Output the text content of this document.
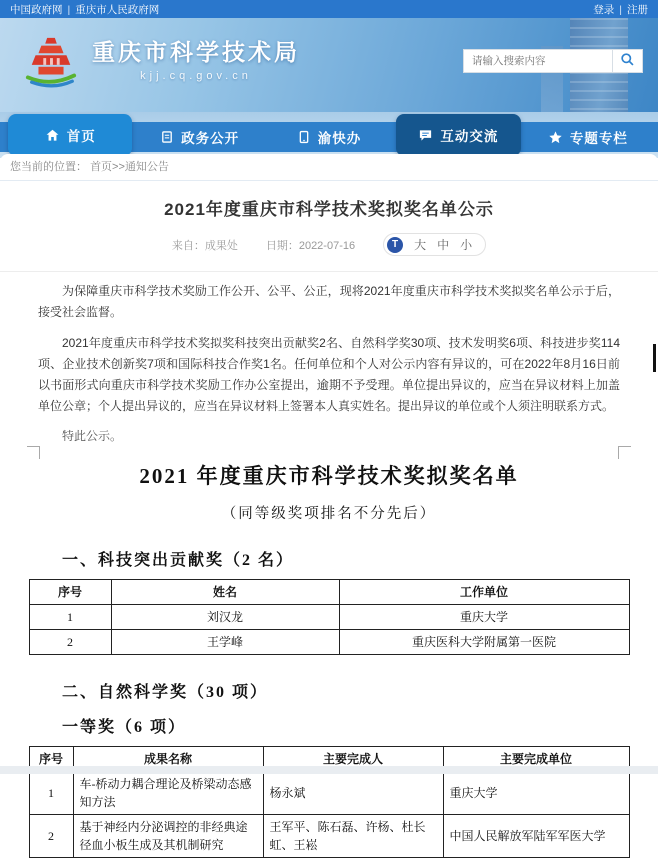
中国政府网 | 重庆市人民政府网	登录 | 注册
重庆市科学技术局
kjj.cq.gov.cn
请输入搜索内容
首页	政务公开	渝快办	互动交流	专题专栏
您当前的位置： 首页>>通知公告
2021年度重庆市科学技术奖拟奖名单公示
来自：成果处	日期：2022-07-16	T	大 中 小

为保障重庆市科学技术奖励工作公开、公平、公正，现将2021年度重庆市科学技术奖拟奖名单公示于后，接受社会监督。

2021年度重庆市科学技术奖拟奖科技突出贡献奖2名、自然科学奖30项、技术发明奖6项、科技进步奖114项、企业技术创新奖7项和国际科技合作奖1名。任何单位和个人对公示内容有异议的，可在2022年8月16日前以书面形式向重庆市科学技术奖励工作办公室提出，逾期不予受理。单位提出异议的，应当在异议材料上加盖单位公章；个人提出异议的，应当在异议材料上签署本人真实姓名。提出异议的单位或个人须注明联系方式。

特此公示。
2021 年度重庆市科学技术奖拟奖名单
（同等级奖项排名不分先后）
一、科技突出贡献奖（2 名）
序号	姓名	工作单位
1	刘汉龙	重庆大学
2	王学峰	重庆医科大学附属第一医院
二、自然科学奖（30 项）
一等奖（6 项）
序号	成果名称	主要完成人	主要完成单位
1	车-桥动力耦合理论及桥梁动态感知方法	杨永斌	重庆大学
2	基于神经内分泌调控的非经典途径血小板生成及其机制研究	王军平、陈石磊、许杨、杜长虹、王崧	中国人民解放军陆军军医大学
